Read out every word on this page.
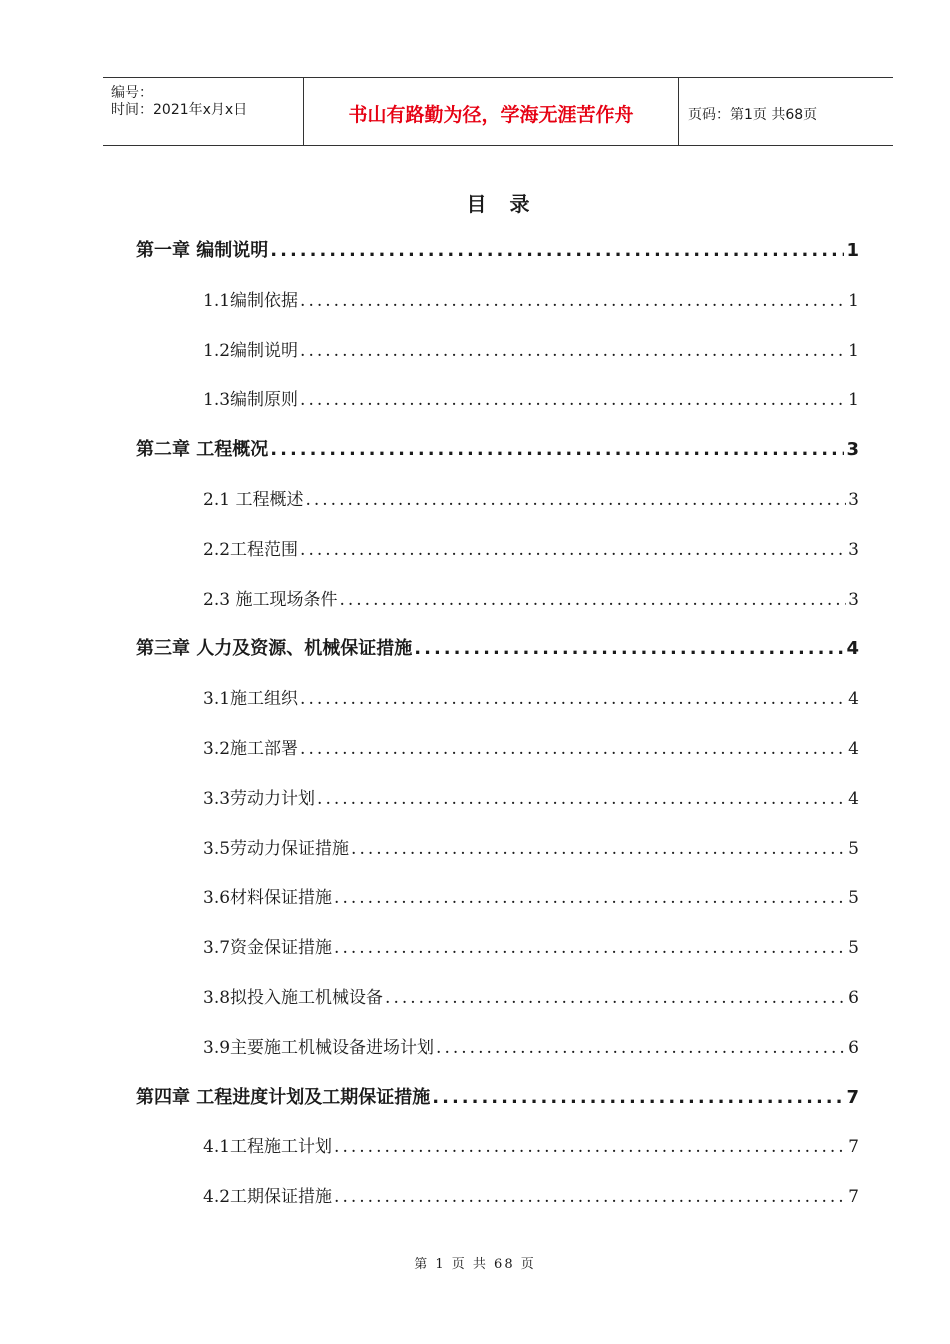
编号：
时间：2021年x月x日	书山有路勤为径，学海无涯苦作舟	页码：第1页 共68页
目 录
第一章 编制说明 .....	1
1.1编制依据 .....	1
1.2编制说明 .....	1
1.3编制原则 .....	1
第二章 工程概况 .....	3
2.1 工程概述 .....	3
2.2工程范围 .....	3
2.3 施工现场条件 .....	3
第三章 人力及资源、机械保证措施 .....	4
3.1施工组织 .....	4
3.2施工部署 .....	4
3.3劳动力计划 .....	4
3.5劳动力保证措施 .....	5
3.6材料保证措施 .....	5
3.7资金保证措施 .....	5
3.8拟投入施工机械设备 .....	6
3.9主要施工机械设备进场计划 .....	6
第四章 工程进度计划及工期保证措施 .....	7
4.1工程施工计划 .....	7
4.2工期保证措施 .....	7
第 1 页 共 68 页
